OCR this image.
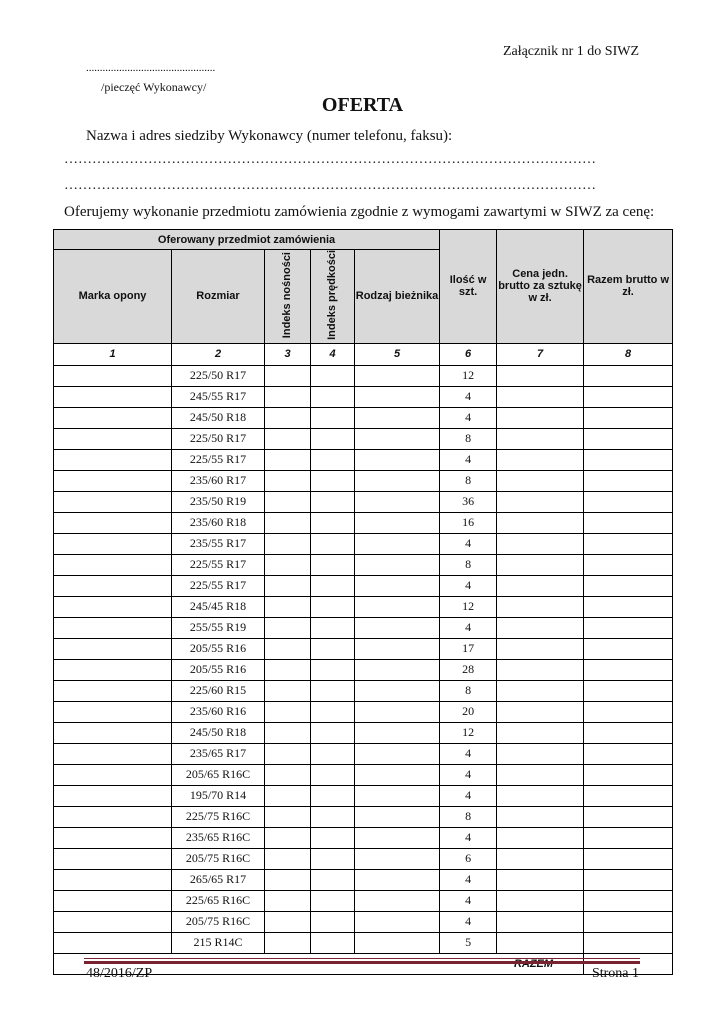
Załącznik nr 1 do SIWZ
...............................................
/pieczęć Wykonawcy/
OFERTA
Nazwa i adres siedziby Wykonawcy (numer telefonu, faksu):
……………………………………………………………………………………………………
……………………………………………………………………………………………………
Oferujemy wykonanie przedmiotu zamówienia zgodnie z wymogami zawartymi w SIWZ za cenę:
Oferowany przedmiot zamówienia					Ilość w szt.	Cena jedn. brutto za sztukę w zł.	Razem brutto w zł.
Marka opony	Rozmiar	Indeks nośności	Indeks prędkości	Rodzaj bieżnika			
1	2	3	4	5	6	7	8
	225/50 R17				12		
	245/55 R17				4		
	245/50 R18				4		
	225/50 R17				8		
	225/55 R17				4		
	235/60 R17				8		
	235/50 R19				36		
	235/60 R18				16		
	235/55 R17				4		
	225/55 R17				8		
	225/55 R17				4		
	245/45 R18				12		
	255/55 R19				4		
	205/55 R16				17		
	205/55 R16				28		
	225/60 R15				8		
	235/60 R16				20		
	245/50 R18				12		
	235/65 R17				4		
	205/65 R16C				4		
	195/70 R14				4		
	225/75 R16C				8		
	235/65 R16C				4		
	205/75 R16C				6		
	265/65 R17				4		
	225/65 R16C				4		
	205/75 R16C				4		
	215 R14C				5		

48/2016/ZP	Strona 1
